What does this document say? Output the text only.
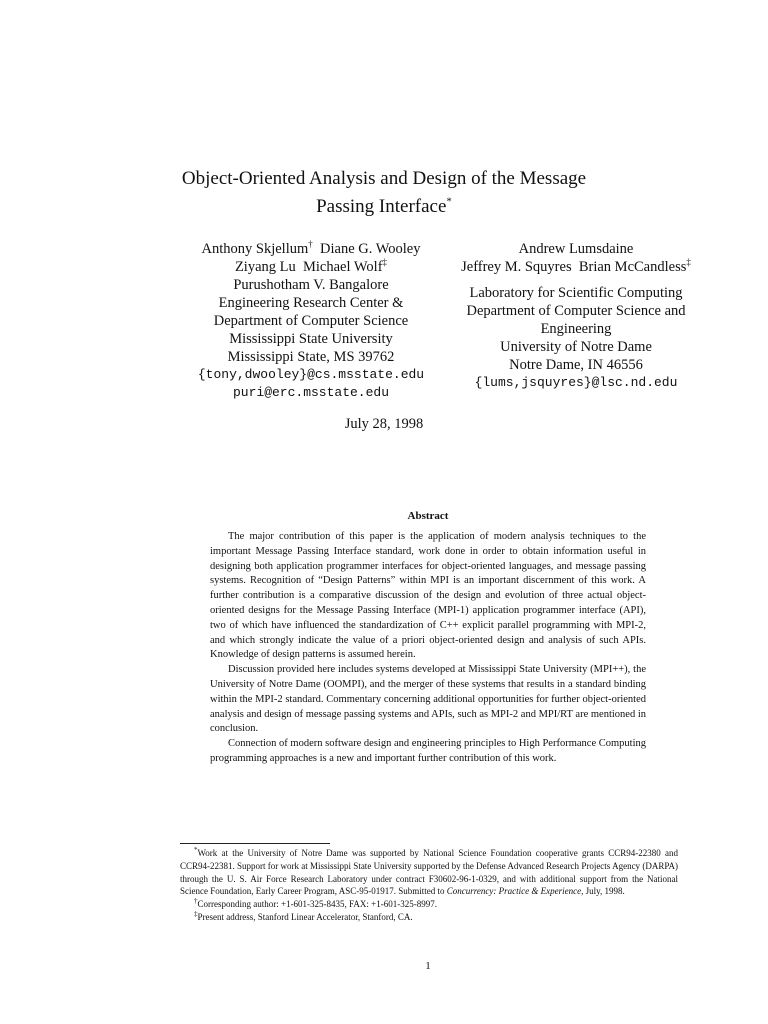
Object-Oriented Analysis and Design of the Message
Passing Interface*
Anthony Skjellum† Diane G. Wooley
Ziyang Lu Michael Wolf‡
Purushotham V. Bangalore
Engineering Research Center &
Department of Computer Science
Mississippi State University
Mississippi State, MS 39762
{tony,dwooley}@cs.msstate.edu
puri@erc.msstate.edu
Andrew Lumsdaine
Jeffrey M. Squyres Brian McCandless‡
Laboratory for Scientific Computing
Department of Computer Science and
Engineering
University of Notre Dame
Notre Dame, IN 46556
{lums,jsquyres}@lsc.nd.edu
July 28, 1998
Abstract

The major contribution of this paper is the application of modern analysis techniques to the important Message Passing Interface standard, work done in order to obtain information useful in designing both application programmer interfaces for object-oriented languages, and message passing systems. Recognition of “Design Patterns” within MPI is an important discernment of this work. A further contribution is a comparative discussion of the design and evolution of three actual object-oriented designs for the Message Passing Interface (MPI-1) application programmer interface (API), two of which have influenced the standardization of C++ explicit parallel programming with MPI-2, and which strongly indicate the value of a priori object-oriented design and analysis of such APIs. Knowledge of design patterns is assumed herein.

Discussion provided here includes systems developed at Mississippi State University (MPI++), the University of Notre Dame (OOMPI), and the merger of these systems that results in a standard binding within the MPI-2 standard. Commentary concerning additional opportunities for further object-oriented analysis and design of message passing systems and APIs, such as MPI-2 and MPI/RT are mentioned in conclusion.

Connection of modern software design and engineering principles to High Performance Computing programming approaches is a new and important further contribution of this work.

*Work at the University of Notre Dame was supported by National Science Foundation cooperative grants CCR94-22380 and CCR94-22381. Support for work at Mississippi State University supported by the Defense Advanced Research Projects Agency (DARPA) through the U. S. Air Force Research Laboratory under contract F30602-96-1-0329, and with additional support from the National Science Foundation, Early Career Program, ASC-95-01917. Submitted to Concurrency: Practice & Experience, July, 1998.

†Corresponding author: +1-601-325-8435, FAX: +1-601-325-8997.

‡Present address, Stanford Linear Accelerator, Stanford, CA.

1
